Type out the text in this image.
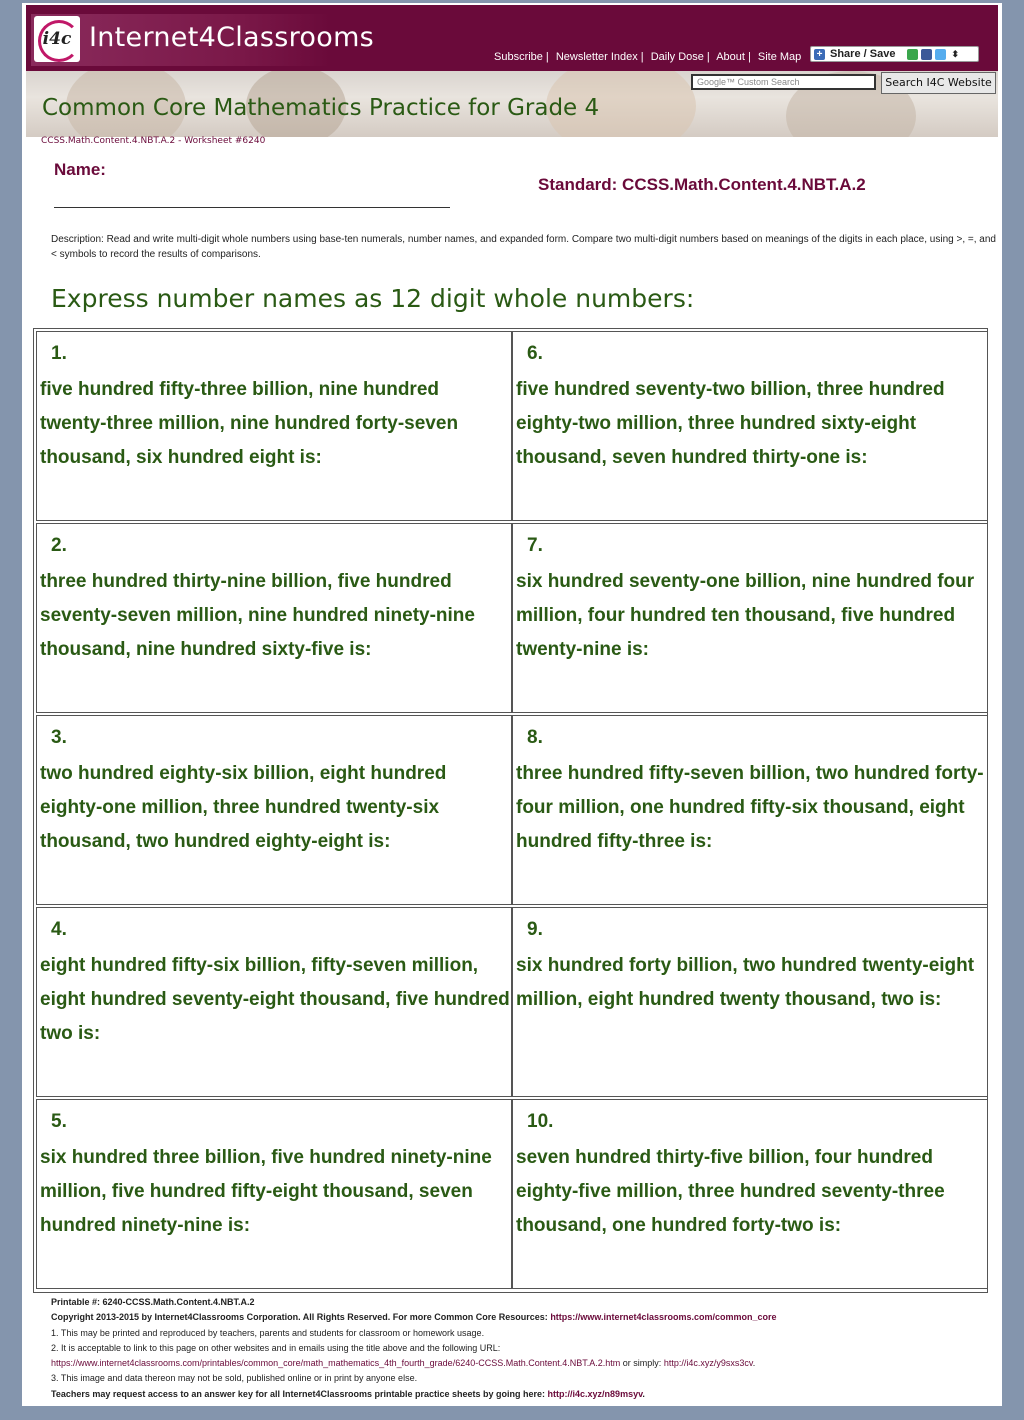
i4c Internet4Classrooms
Subscribe | Newsletter Index | Daily Dose | About | Site Map + Share / Save	⬍
Google™ Custom Search	Search I4C Website
Common Core Mathematics Practice for Grade 4
CCSS.Math.Content.4.NBT.A.2 - Worksheet #6240
Name:
Standard: CCSS.Math.Content.4.NBT.A.2
Description: Read and write multi-digit whole numbers using base-ten numerals, number names, and expanded form. Compare two multi-digit numbers based on meanings of the digits in each place, using >, =, and < symbols to record the results of comparisons.
Express number names as 12 digit whole numbers:
1.
five hundred fifty-three billion, nine hundred twenty-three million, nine hundred forty-seven thousand, six hundred eight is:
2.
three hundred thirty-nine billion, five hundred seventy-seven million, nine hundred ninety-nine thousand, nine hundred sixty-five is:
3.
two hundred eighty-six billion, eight hundred eighty-one million, three hundred twenty-six thousand, two hundred eighty-eight is:
4.
eight hundred fifty-six billion, fifty-seven million, eight hundred seventy-eight thousand, five hundred two is:
5.
six hundred three billion, five hundred ninety-nine million, five hundred fifty-eight thousand, seven hundred ninety-nine is:
6.
five hundred seventy-two billion, three hundred eighty-two million, three hundred sixty-eight thousand, seven hundred thirty-one is:
7.
six hundred seventy-one billion, nine hundred four million, four hundred ten thousand, five hundred twenty-nine is:
8.
three hundred fifty-seven billion, two hundred forty-four million, one hundred fifty-six thousand, eight hundred fifty-three is:
9.
six hundred forty billion, two hundred twenty-eight million, eight hundred twenty thousand, two is:
10.
seven hundred thirty-five billion, four hundred eighty-five million, three hundred seventy-three thousand, one hundred forty-two is:
Printable #: 6240-CCSS.Math.Content.4.NBT.A.2
Copyright 2013-2015 by Internet4Classrooms Corporation. All Rights Reserved. For more Common Core Resources: https://www.internet4classrooms.com/common_core
1. This may be printed and reproduced by teachers, parents and students for classroom or homework usage.
2. It is acceptable to link to this page on other websites and in emails using the title above and the following URL:
https://www.internet4classrooms.com/printables/common_core/math_mathematics_4th_fourth_grade/6240-CCSS.Math.Content.4.NBT.A.2.htm or simply: http://i4c.xyz/y9sxs3cv.
3. This image and data thereon may not be sold, published online or in print by anyone else.
Teachers may request access to an answer key for all Internet4Classrooms printable practice sheets by going here: http://i4c.xyz/n89msyv.
